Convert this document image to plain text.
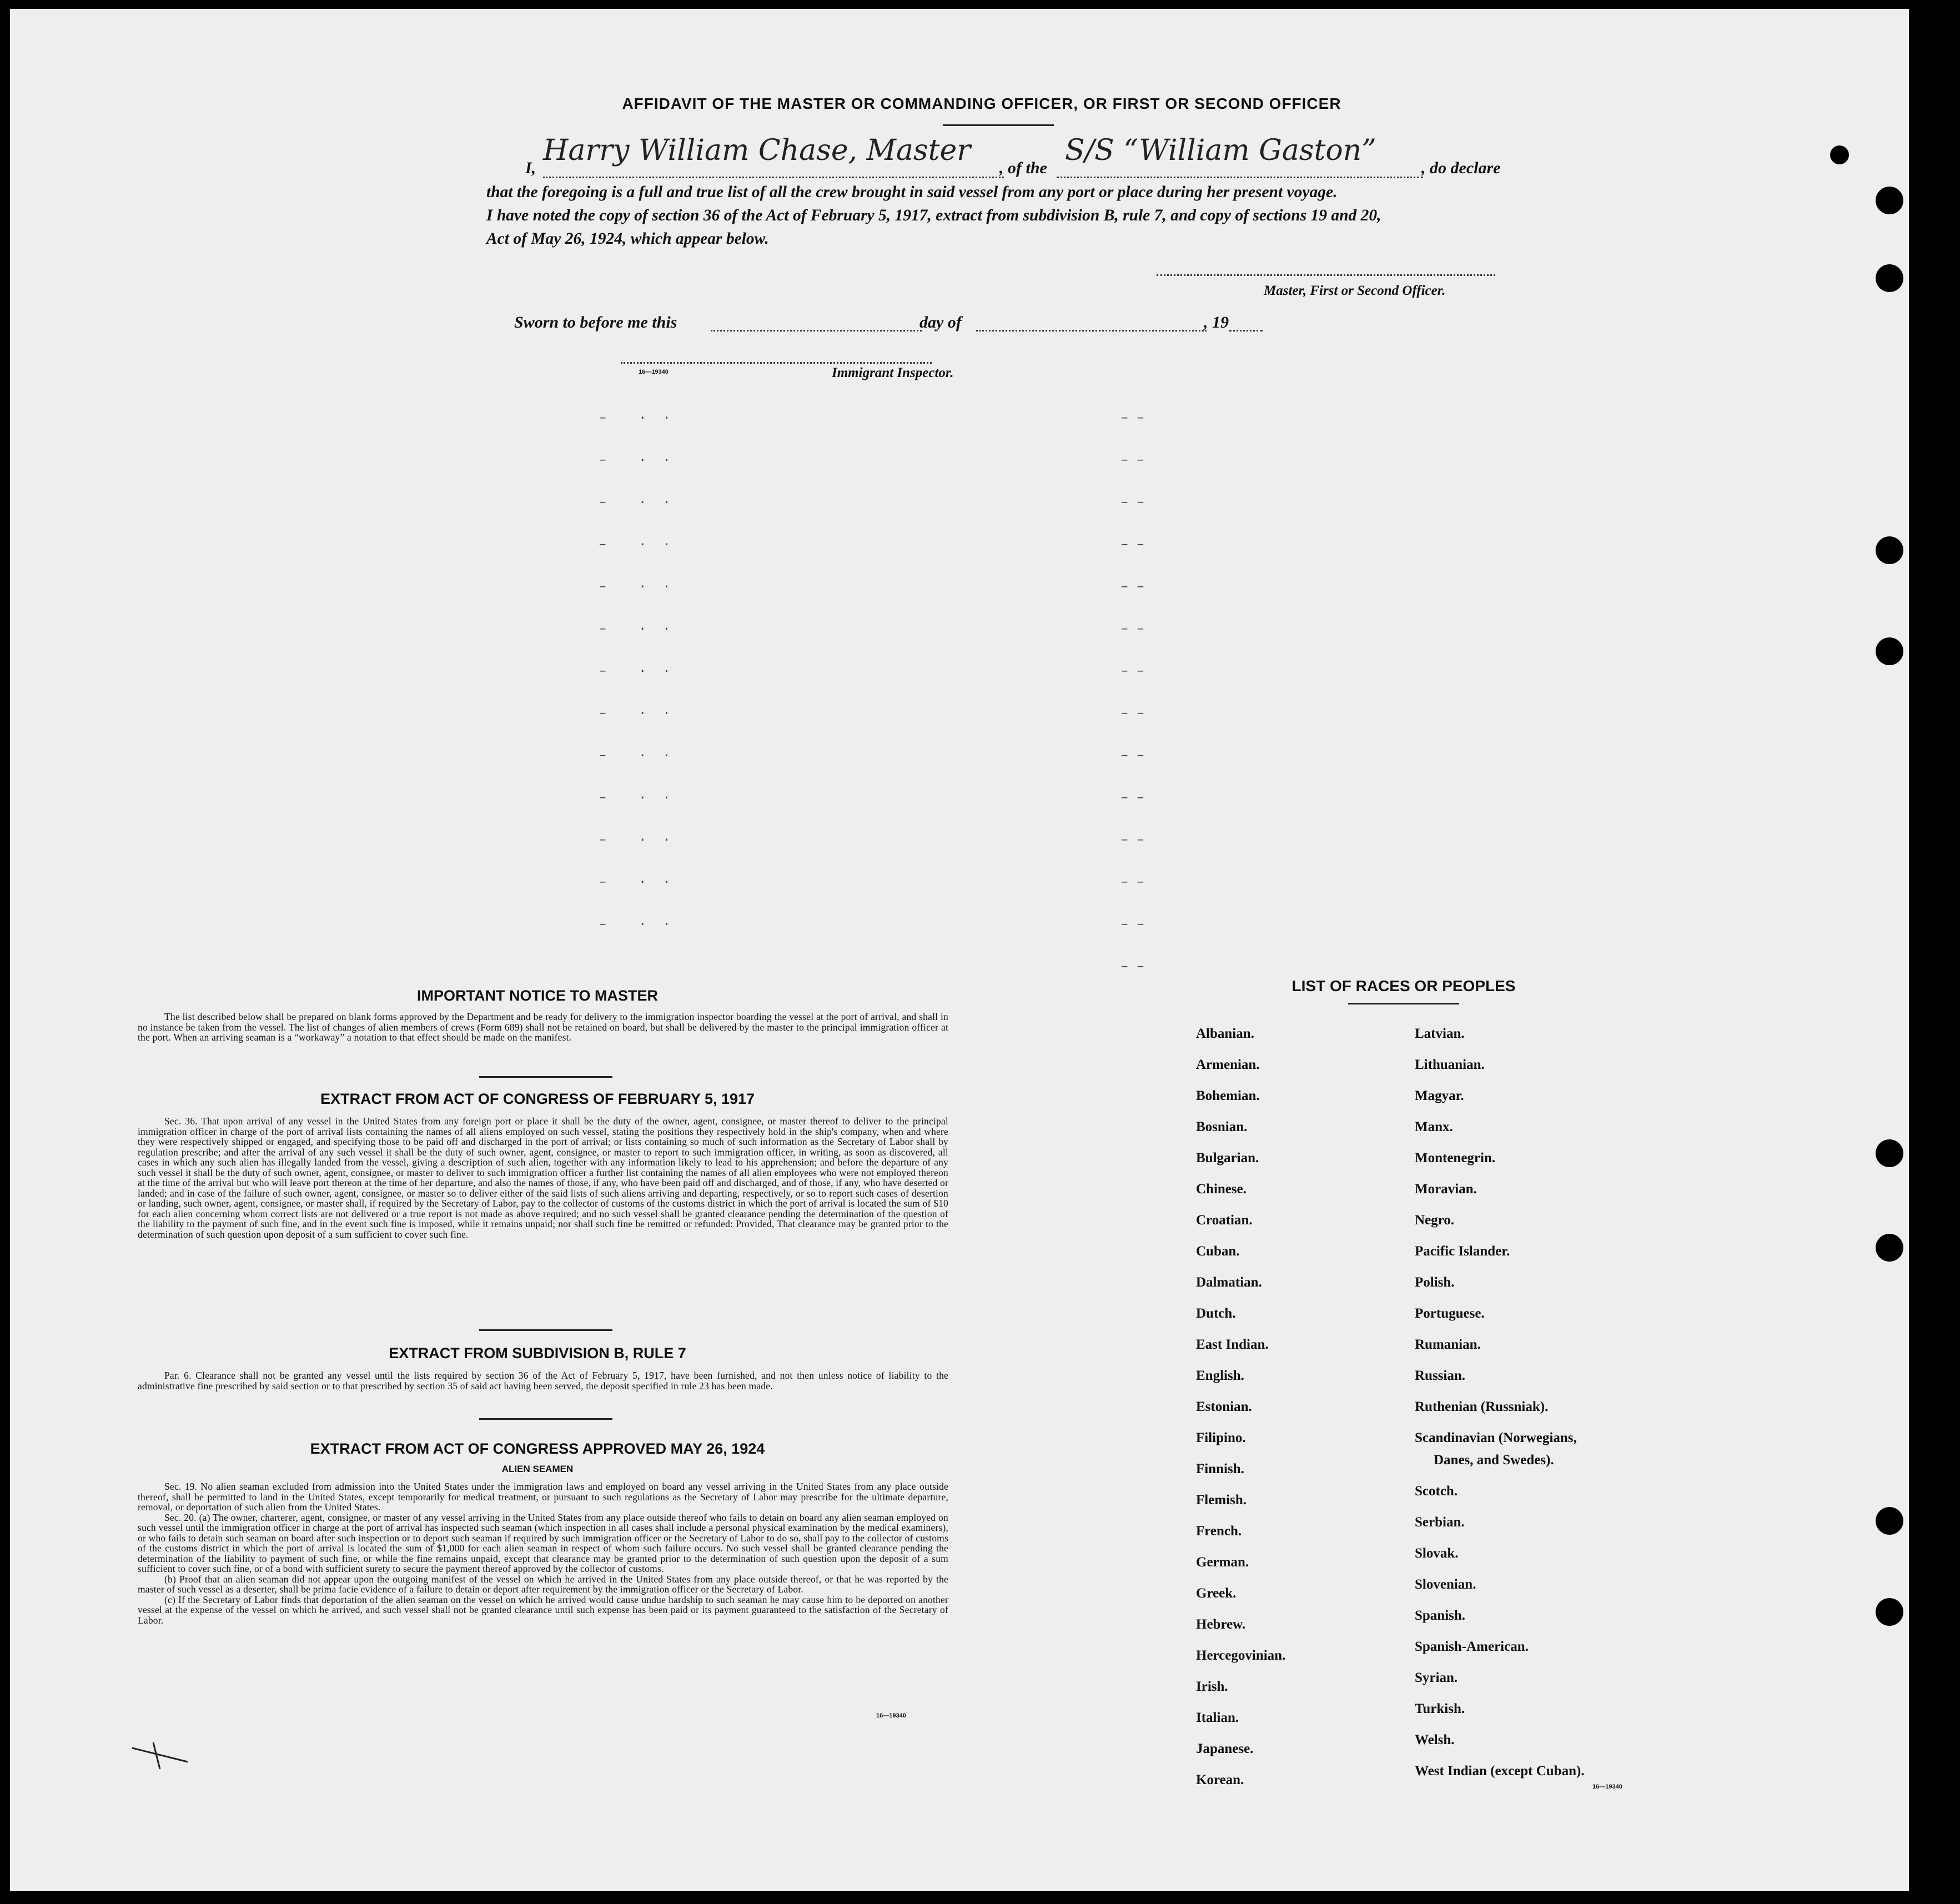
AFFIDAVIT OF THE MASTER OR COMMANDING OFFICER, OR FIRST OR SECOND OFFICER
I,
Harry William Chase, Master
, of the
S/S “William Gaston”
, do declare
that the foregoing is a full and true list of all the crew brought in said vessel from any port or place during her present voyage.
I have noted the copy of section 36 of the Act of February 5, 1917, extract from subdivision B, rule 7, and copy of sections 19 and 20,
Act of May 26, 1924, which appear below.
Master, First or Second Officer.
Sworn to before me this	day of	, 19
16—19340	Immigrant Inspector.
–    ·  ·
–    ·  ·
–    ·  ·
–    ·  ·
–    ·  ·
–    ·  ·
–    ·  ·
–    ·  ·
–    ·  ·
–    ·  ·
–    ·  ·
–    ·  ·
–    ·  ·
– –
– –
– –
– –
– –
– –
– –
– –
– –
– –
– –
– –
– –
– –
IMPORTANT NOTICE TO MASTER

The list described below shall be prepared on blank forms approved by the Department and be ready for delivery to the immigration inspector boarding the vessel at the port of arrival, and shall in no instance be taken from the vessel. The list of changes of alien members of crews (Form 689) shall not be retained on board, but shall be delivered by the master to the principal immigration officer at the port. When an arriving seaman is a “workaway” a notation to that effect should be made on the manifest.

EXTRACT FROM ACT OF CONGRESS OF FEBRUARY 5, 1917

Sec. 36. That upon arrival of any vessel in the United States from any foreign port or place it shall be the duty of the owner, agent, consignee, or master thereof to deliver to the principal immigration officer in charge of the port of arrival lists containing the names of all aliens employed on such vessel, stating the positions they respectively hold in the ship's company, when and where they were respectively shipped or engaged, and specifying those to be paid off and discharged in the port of arrival; or lists containing so much of such information as the Secretary of Labor shall by regulation prescribe; and after the arrival of any such vessel it shall be the duty of such owner, agent, consignee, or master to report to such immigration officer, in writing, as soon as discovered, all cases in which any such alien has illegally landed from the vessel, giving a description of such alien, together with any information likely to lead to his apprehension; and before the departure of any such vessel it shall be the duty of such owner, agent, consignee, or master to deliver to such immigration officer a further list containing the names of all alien employees who were not employed thereon at the time of the arrival but who will leave port thereon at the time of her departure, and also the names of those, if any, who have been paid off and discharged, and of those, if any, who have deserted or landed; and in case of the failure of such owner, agent, consignee, or master so to deliver either of the said lists of such aliens arriving and departing, respectively, or so to report such cases of desertion or landing, such owner, agent, consignee, or master shall, if required by the Secretary of Labor, pay to the collector of customs of the customs district in which the port of arrival is located the sum of $10 for each alien concerning whom correct lists are not delivered or a true report is not made as above required; and no such vessel shall be granted clearance pending the determination of the question of the liability to the payment of such fine, and in the event such fine is imposed, while it remains unpaid; nor shall such fine be remitted or refunded: Provided, That clearance may be granted prior to the determination of such question upon deposit of a sum sufficient to cover such fine.

EXTRACT FROM SUBDIVISION B, RULE 7

Par. 6. Clearance shall not be granted any vessel until the lists required by section 36 of the Act of February 5, 1917, have been furnished, and not then unless notice of liability to the administrative fine prescribed by said section or to that prescribed by section 35 of said act having been served, the deposit specified in rule 23 has been made.

EXTRACT FROM ACT OF CONGRESS APPROVED MAY 26, 1924
ALIEN SEAMEN

Sec. 19. No alien seaman excluded from admission into the United States under the immigration laws and employed on board any vessel arriving in the United States from any place outside thereof, shall be permitted to land in the United States, except temporarily for medical treatment, or pursuant to such regulations as the Secretary of Labor may prescribe for the ultimate departure, removal, or deportation of such alien from the United States.

Sec. 20. (a) The owner, charterer, agent, consignee, or master of any vessel arriving in the United States from any place outside thereof who fails to detain on board any alien seaman employed on such vessel until the immigration officer in charge at the port of arrival has inspected such seaman (which inspection in all cases shall include a personal physical examination by the medical examiners), or who fails to detain such seaman on board after such inspection or to deport such seaman if required by such immigration officer or the Secretary of Labor to do so, shall pay to the collector of customs of the customs district in which the port of arrival is located the sum of $1,000 for each alien seaman in respect of whom such failure occurs. No such vessel shall be granted clearance pending the determination of the liability to payment of such fine, or while the fine remains unpaid, except that clearance may be granted prior to the determination of such question upon the deposit of a sum sufficient to cover such fine, or of a bond with sufficient surety to secure the payment thereof approved by the collector of customs.

(b) Proof that an alien seaman did not appear upon the outgoing manifest of the vessel on which he arrived in the United States from any place outside thereof, or that he was reported by the master of such vessel as a deserter, shall be prima facie evidence of a failure to detain or deport after requirement by the immigration officer or the Secretary of Labor.

(c) If the Secretary of Labor finds that deportation of the alien seaman on the vessel on which he arrived would cause undue hardship to such seaman he may cause him to be deported on another vessel at the expense of the vessel on which he arrived, and such vessel shall not be granted clearance until such expense has been paid or its payment guaranteed to the satisfaction of the Secretary of Labor.

16—19340
LIST OF RACES OR PEOPLES
Albanian.
Armenian.
Bohemian.
Bosnian.
Bulgarian.
Chinese.
Croatian.
Cuban.
Dalmatian.
Dutch.
East Indian.
English.
Estonian.
Filipino.
Finnish.
Flemish.
French.
German.
Greek.
Hebrew.
Hercegovinian.
Irish.
Italian.
Japanese.
Korean.
Latvian.
Lithuanian.
Magyar.
Manx.
Montenegrin.
Moravian.
Negro.
Pacific Islander.
Polish.
Portuguese.
Rumanian.
Russian.
Ruthenian (Russniak).
Scandinavian (Norwegians,
Danes, and Swedes).
Scotch.
Serbian.
Slovak.
Slovenian.
Spanish.
Spanish-American.
Syrian.
Turkish.
Welsh.
West Indian (except Cuban).
16—19340
